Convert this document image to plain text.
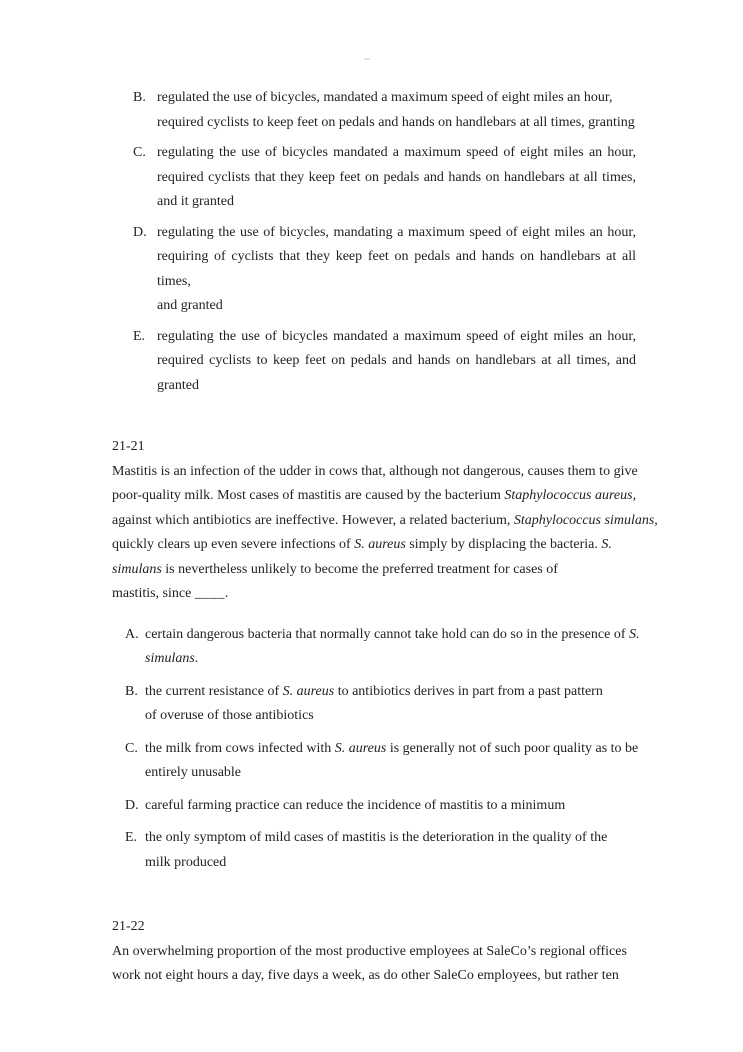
–
B. regulated the use of bicycles, mandated a maximum speed of eight miles an hour,
required cyclists to keep feet on pedals and hands on handlebars at all times, granting
C. regulating the use of bicycles mandated a maximum speed of eight miles an hour,
required cyclists that they keep feet on pedals and hands on handlebars at all times,
and it granted
D. regulating the use of bicycles, mandating a maximum speed of eight miles an hour,
requiring of cyclists that they keep feet on pedals and hands on handlebars at all times,
and granted
E. regulating the use of bicycles mandated a maximum speed of eight miles an hour,
required cyclists to keep feet on pedals and hands on handlebars at all times, and
granted
21-21
Mastitis is an infection of the udder in cows that, although not dangerous, causes them to give
poor-quality milk. Most cases of mastitis are caused by the bacterium Staphylococcus aureus,
against which antibiotics are ineffective. However, a related bacterium, Staphylococcus simulans,
quickly clears up even severe infections of S. aureus simply by displacing the bacteria. S.
simulans is nevertheless unlikely to become the preferred treatment for cases of
mastitis, since ____.
A. certain dangerous bacteria that normally cannot take hold can do so in the presence of S.
simulans.
B. the current resistance of S. aureus to antibiotics derives in part from a past pattern
of overuse of those antibiotics
C. the milk from cows infected with S. aureus is generally not of such poor quality as to be
entirely unusable
D. careful farming practice can reduce the incidence of mastitis to a minimum
E. the only symptom of mild cases of mastitis is the deterioration in the quality of the
milk produced
21-22
An overwhelming proportion of the most productive employees at SaleCo’s regional offices
work not eight hours a day, five days a week, as do other SaleCo employees, but rather ten
